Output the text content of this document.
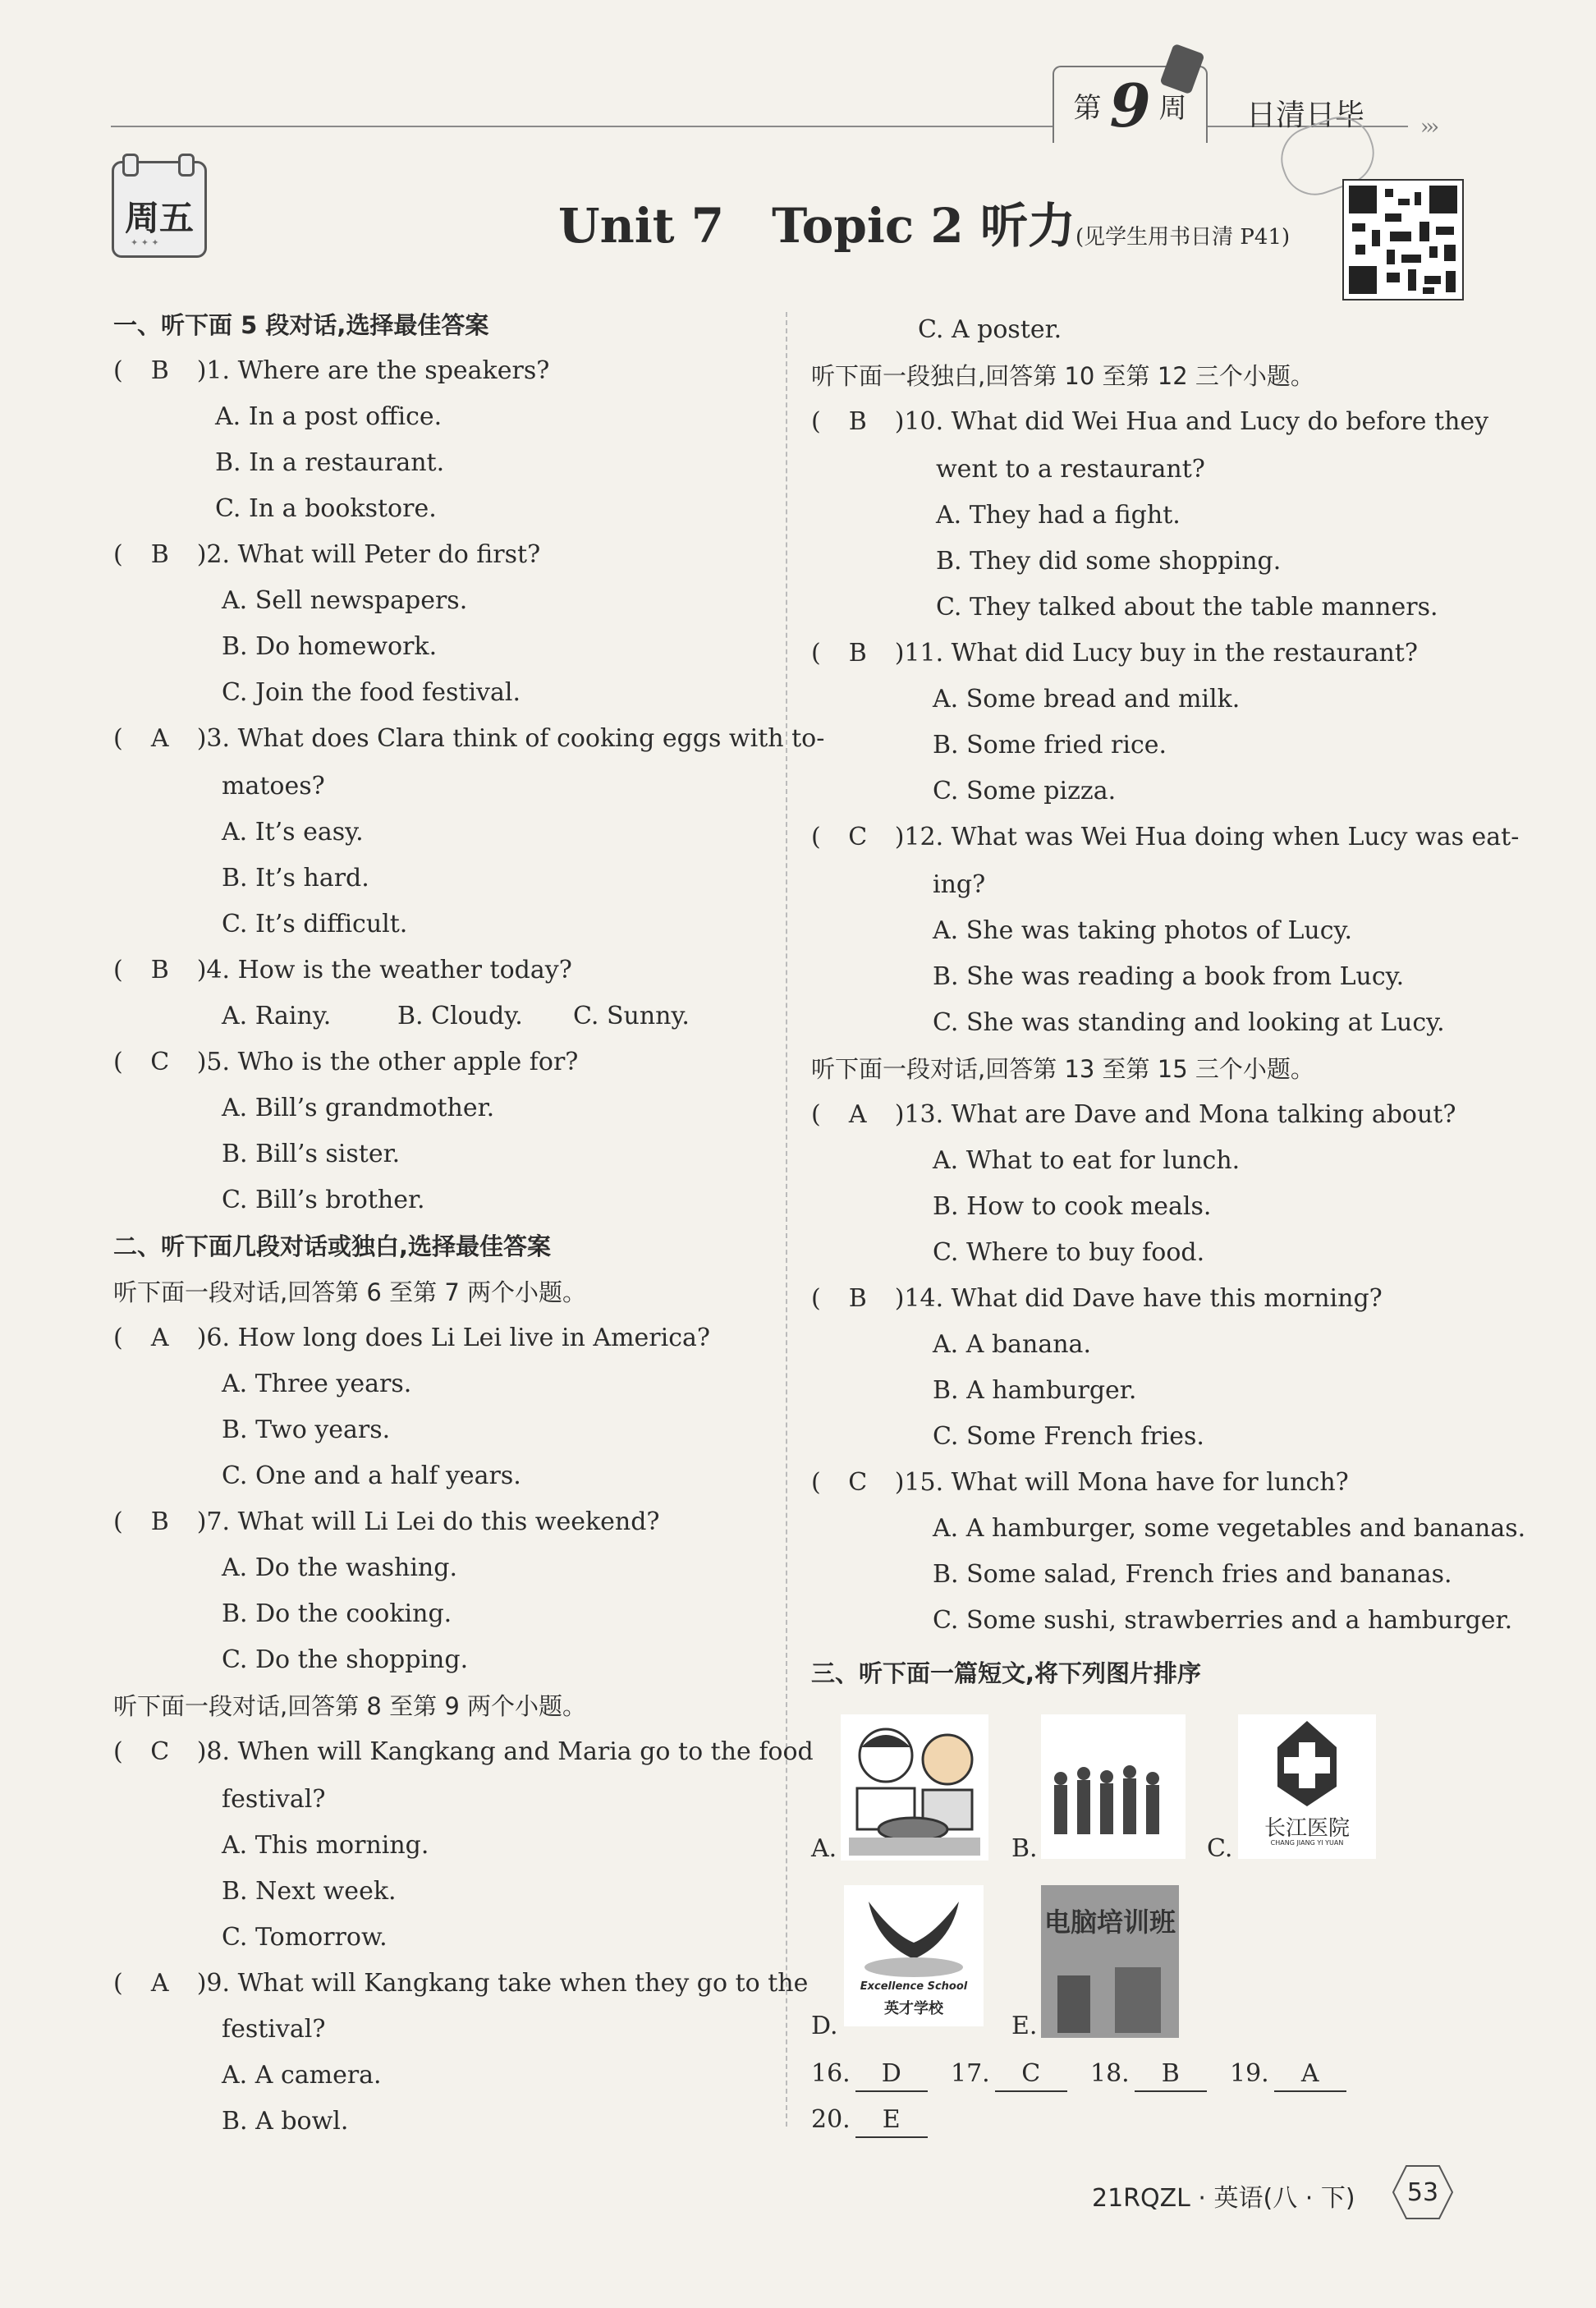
第 9 周 日清日毕	›››
周五
✦ ✦ ✦	Unit 7　Topic 2 听力 (见学生用书日清 P41)
一、听下面 5 段对话,选择最佳答案
( B )1. Where are the speakers?
A. In a post office.
B. In a restaurant.
C. In a bookstore.
( B )2. What will Peter do first?
A. Sell newspapers.
B. Do homework.
C. Join the food festival.
( A )3. What does Clara think of cooking eggs with to-
matoes?
A. It’s easy.
B. It’s hard.
C. It’s difficult.
( B )4. How is the weather today?
A. Rainy.	B. Cloudy. C. Sunny.
( C )5. Who is the other apple for?
A. Bill’s grandmother.
B. Bill’s sister.
C. Bill’s brother.
二、听下面几段对话或独白,选择最佳答案
听下面一段对话,回答第 6 至第 7 两个小题。
( A )6. How long does Li Lei live in America?
A. Three years.
B. Two years.
C. One and a half years.
( B )7. What will Li Lei do this weekend?
A. Do the washing.
B. Do the cooking.
C. Do the shopping.
听下面一段对话,回答第 8 至第 9 两个小题。
( C )8. When will Kangkang and Maria go to the food
festival?
A. This morning.
B. Next week.
C. Tomorrow.
( A )9. What will Kangkang take when they go to the
festival?
A. A camera.
B. A bowl.
C. A poster.
听下面一段独白,回答第 10 至第 12 三个小题。
( B )10. What did Wei Hua and Lucy do before they
went to a restaurant?
A. They had a fight.
B. They did some shopping.
C. They talked about the table manners.
( B )11. What did Lucy buy in the restaurant?
A. Some bread and milk.
B. Some fried rice.
C. Some pizza.
( C )12. What was Wei Hua doing when Lucy was eat-
ing?
A. She was taking photos of Lucy.
B. She was reading a book from Lucy.
C. She was standing and looking at Lucy.
听下面一段对话,回答第 13 至第 15 三个小题。
( A )13. What are Dave and Mona talking about?
A. What to eat for lunch.
B. How to cook meals.
C. Where to buy food.
( B )14. What did Dave have this morning?
A. A banana.
B. A hamburger.
C. Some French fries.
( C )15. What will Mona have for lunch?
A. A hamburger, some vegetables and bananas.
B. Some salad, French fries and bananas.
C. Some sushi, strawberries and a hamburger.
三、听下面一篇短文,将下列图片排序
A.	B.	C.
长江医院
CHANG JIANG YI YUAN
D.
Excellence School
英才学校
E.
电脑培训班
16. D	17. C	18. B	19. A
20. E
21RQZL · 英语(八 · 下) 53
